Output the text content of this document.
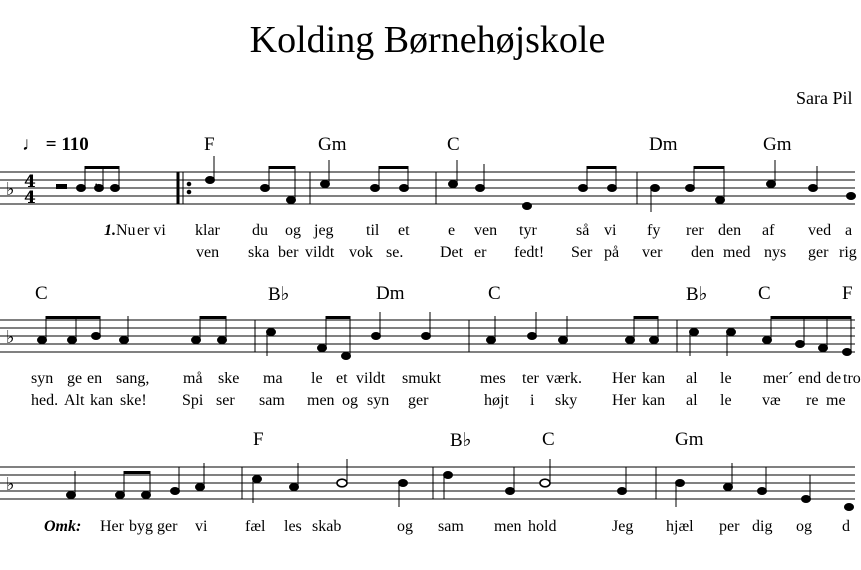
Kolding Børnehøjskole
Sara Pil
♩ = 110	F	Gm	C	Dm	Gm
C	B♭	Dm	C	B♭	C	F
F	B♭	C	Gm
1. Nu er vi klar du og jeg til et e ven tyr så vi fy rer den af ved a
ven ska ber vildt vok se. Det er fedt! Ser på ver den med nys ger rig
syn ge en sang, må ske ma le et vildt smukt mes ter værk. Her kan al le mer´ end de tro
hed. Alt kan ske! Spi ser sam men og syn ger	højt i sky Her kan al le væ re me
Omk: Her byg ger vi fæl les skab	og sam men hold	Jeg hjæl per dig og d
♭ 4
4
♭
♭
